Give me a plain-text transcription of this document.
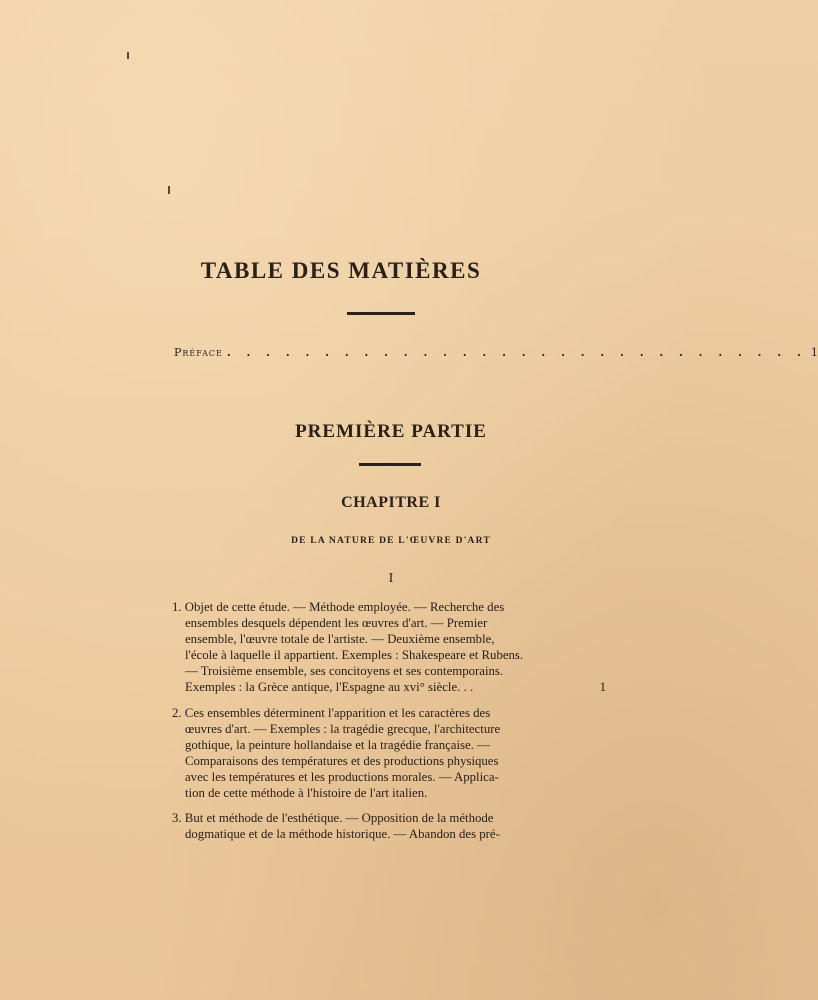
TABLE DES MATIÈRES
Préface . . . . . . . . . . . . . . . . . . . . . . . . . . . . . . 1
PREMIÈRE PARTIE
CHAPITRE I
DE LA NATURE DE L'ŒUVRE D'ART
I
1. Objet de cette étude. — Méthode employée. — Recherche des
ensembles desquels dépendent les œuvres d'art. — Premier
ensemble, l'œuvre totale de l'artiste. — Deuxième ensemble,
l'école à laquelle il appartient. Exemples : Shakespeare et Rubens.
— Troisième ensemble, ses concitoyens et ses contemporains.
Exemples : la Grèce antique, l'Espagne au xvi° siècle. . .	1
2. Ces ensembles déterminent l'apparition et les caractères des
œuvres d'art. — Exemples : la tragédie grecque, l'architecture
gothique, la peinture hollandaise et la tragédie française. —
Comparaisons des températures et des productions physiques
avec les températures et les productions morales. — Applica-
tion de cette méthode à l'histoire de l'art italien.
3. But et méthode de l'esthétique. — Opposition de la méthode
dogmatique et de la méthode historique. — Abandon des pré-
